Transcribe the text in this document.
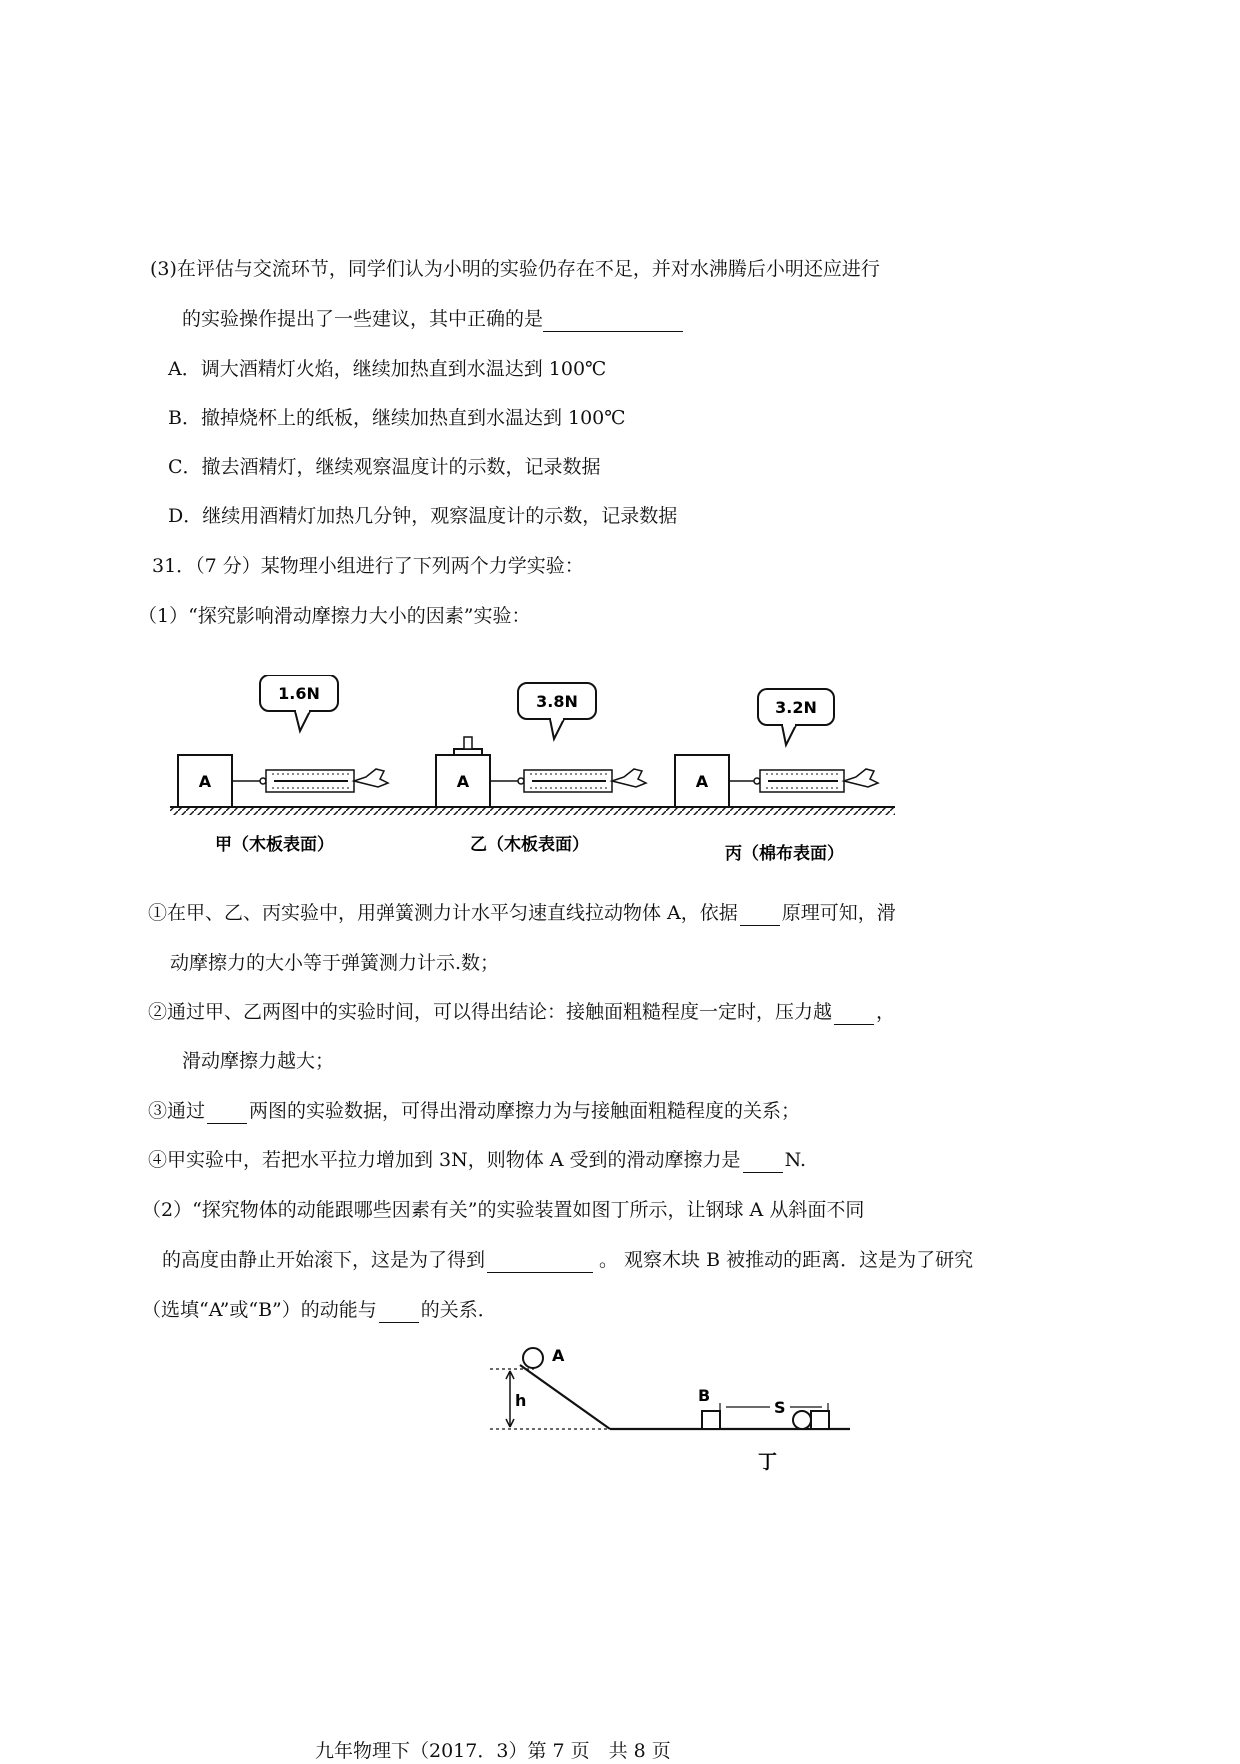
(3)在评估与交流环节，同学们认为小明的实验仍存在不足，并对水沸腾后小明还应进行
的实验操作提出了一些建议，其中正确的是
A．调大酒精灯火焰，继续加热直到水温达到 100℃
B．撤掉烧杯上的纸板，继续加热直到水温达到 100℃
C．撤去酒精灯，继续观察温度计的示数，记录数据
D．继续用酒精灯加热几分钟，观察温度计的示数，记录数据
31．（7 分）某物理小组进行了下列两个力学实验：
（1）“探究影响滑动摩擦力大小的因素”实验：
A
1.6N
甲（木板表面）
A
3.8N
乙（木板表面）
A
3.2N
丙（棉布表面）
①在甲、乙、丙实验中，用弹簧测力计水平匀速直线拉动物体 A，依据 原理可知，滑
动摩擦力的大小等于弹簧测力计示.数；
②通过甲、乙两图中的实验时间，可以得出结论：接触面粗糙程度一定时，压力越 ，
滑动摩擦力越大；
③通过 两图的实验数据，可得出滑动摩擦力为与接触面粗糙程度的关系；
④甲实验中，若把水平拉力增加到 3N，则物体 A 受到的滑动摩擦力是 N.
（2）“探究物体的动能跟哪些因素有关”的实验装置如图丁所示，让钢球 A 从斜面不同
的高度由静止开始滚下，这是为了得到	。 观察木块 B 被推动的距离．这是为了研究
（选填“A”或“B”）的动能与 的关系．
h
A
B
S
丁
九年物理下（2017．3）第 7 页　共 8 页
